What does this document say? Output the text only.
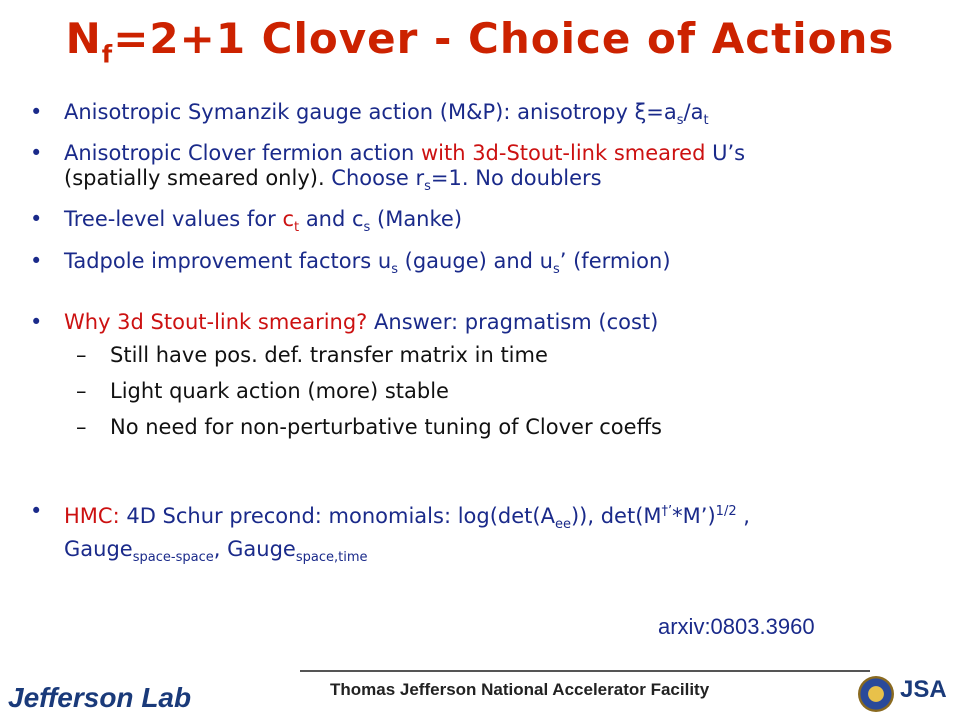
$N_f=2+1$ Clover - Choice of Actions
• Anisotropic Symanzik gauge action (M&P): anisotropy $\xi=a_s/a_t$
• Anisotropic Clover fermion action with 3d-Stout-link smeared U’s
(spatially smeared only). Choose $r_s=1$. No doublers
• Tree-level values for $c_t$ and $c_s$ (Manke)
• Tadpole improvement factors $u_s$ (gauge) and $u_s$’ (fermion)
• Why 3d Stout-link smearing? Answer: pragmatism (cost)
– Still have pos. def. transfer matrix in time
– Light quark action (more) stable
– No need for non-perturbative tuning of Clover coeffs
• HMC: 4D Schur precond: monomials: $\log(\det(A_{ee}))$, det(M†’*M’)$^{1/2}$ ,
Gauge$_{space-space}$, Gauge$_{space,time}$
arxiv:0803.3960
Jefferson Lab	Thomas Jefferson National Accelerator Facility	JSA
